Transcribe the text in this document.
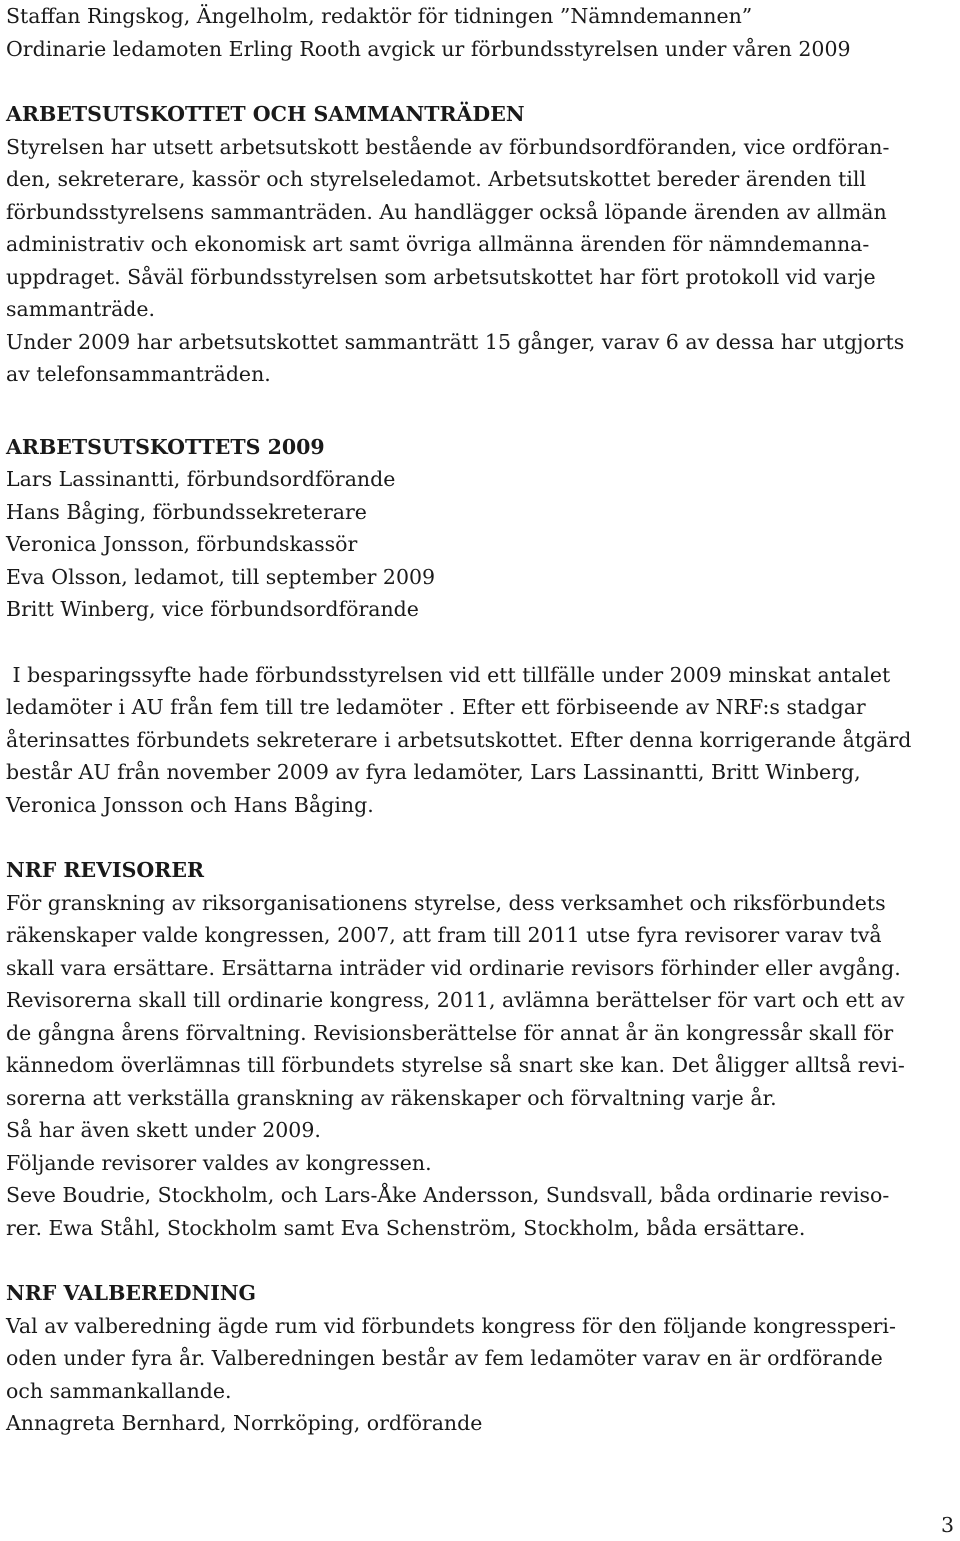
Staffan Ringskog, Ängelholm, redaktör för tidningen ”Nämndemannen”
Ordinarie ledamoten Erling Rooth avgick ur förbundsstyrelsen under våren 2009
ARBETSUTSKOTTET OCH SAMMANTRÄDEN
Styrelsen har utsett arbetsutskott bestående av förbundsordföranden, vice ordföran-
den, sekreterare, kassör och styrelseledamot. Arbetsutskottet bereder ärenden till
förbundsstyrelsens sammanträden. Au handlägger också löpande ärenden av allmän
administrativ och ekonomisk art samt övriga allmänna ärenden för nämndemanna-
uppdraget. Såväl förbundsstyrelsen som arbetsutskottet har fört protokoll vid varje
sammanträde.
Under 2009 har arbetsutskottet sammanträtt 15 gånger, varav 6 av dessa har utgjorts
av telefonsammanträden.
ARBETSUTSKOTTETS 2009
Lars Lassinantti, förbundsordförande
Hans Båging, förbundssekreterare
Veronica Jonsson, förbundskassör
Eva Olsson, ledamot, till september 2009
Britt Winberg, vice förbundsordförande
I besparingssyfte hade förbundsstyrelsen vid ett tillfälle under 2009 minskat antalet
ledamöter i AU från fem till tre ledamöter . Efter ett förbiseende av NRF:s stadgar
återinsattes förbundets sekreterare i arbetsutskottet. Efter denna korrigerande åtgärd
består AU från november 2009 av fyra ledamöter, Lars Lassinantti, Britt Winberg,
Veronica Jonsson och Hans Båging.
NRF REVISORER
För granskning av riksorganisationens styrelse, dess verksamhet och riksförbundets
räkenskaper valde kongressen, 2007, att fram till 2011 utse fyra revisorer varav två
skall vara ersättare. Ersättarna inträder vid ordinarie revisors förhinder eller avgång.
Revisorerna skall till ordinarie kongress, 2011, avlämna berättelser för vart och ett av
de gångna årens förvaltning. Revisionsberättelse för annat år än kongressår skall för
kännedom överlämnas till förbundets styrelse så snart ske kan. Det åligger alltså revi-
sorerna att verkställa granskning av räkenskaper och förvaltning varje år.
Så har även skett under 2009.
Följande revisorer valdes av kongressen.
Seve Boudrie, Stockholm, och Lars-Åke Andersson, Sundsvall, båda ordinarie reviso-
rer. Ewa Ståhl, Stockholm samt Eva Schenström, Stockholm, båda ersättare.
NRF VALBEREDNING
Val av valberedning ägde rum vid förbundets kongress för den följande kongressperi-
oden under fyra år. Valberedningen består av fem ledamöter varav en är ordförande
och sammankallande.
Annagreta Bernhard, Norrköping, ordförande
3
